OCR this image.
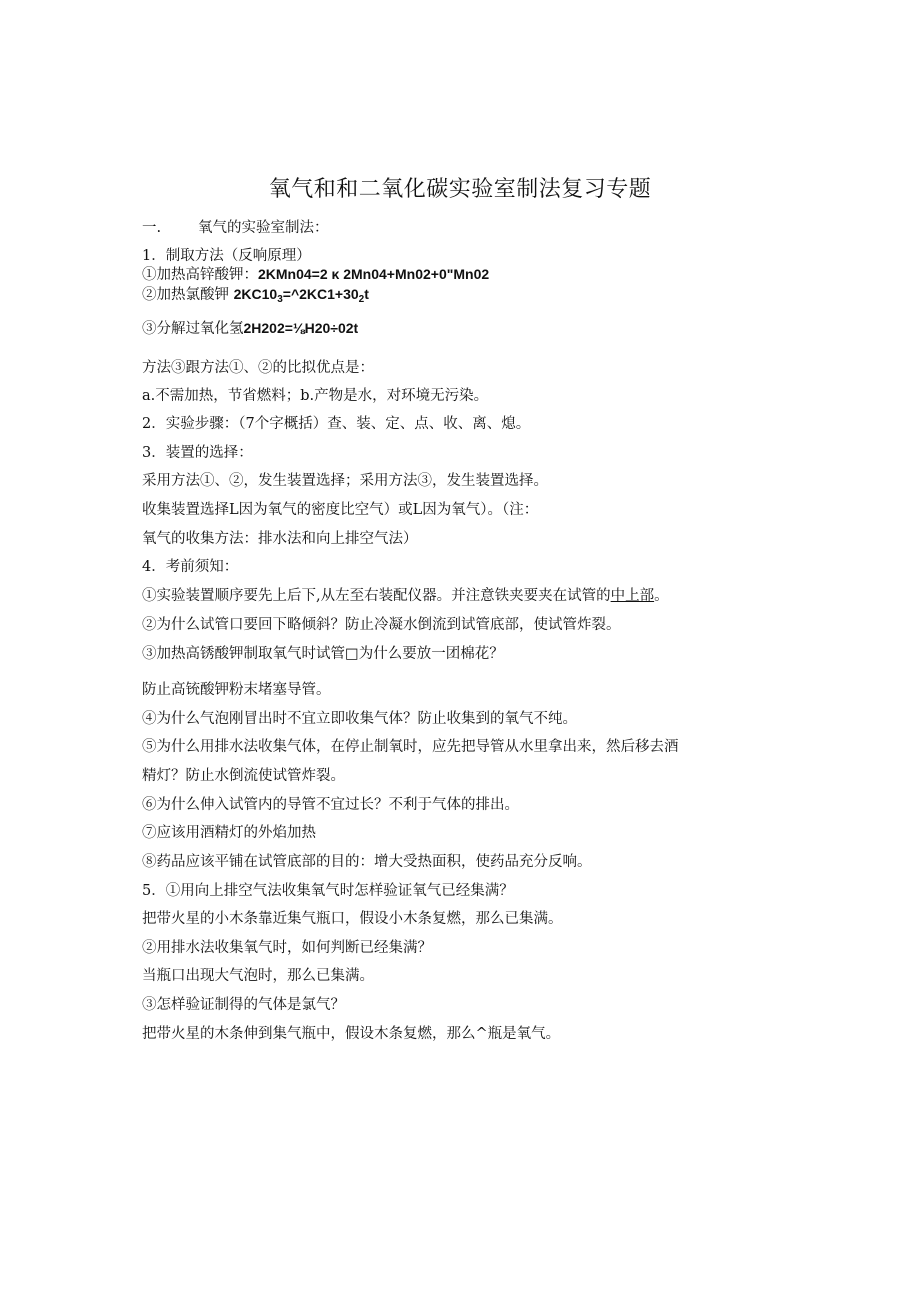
氧气和和二氧化碳实验室制法复习专题
一.	氧气的实验室制法：
1．制取方法（反响原理）
①加热高锌酸钾：2KMn04=2 κ 2Mn04+Mn02+0"Mn02
②加热氯酸钾 $2KC10_3=\^{}2KC1+30_2t$
③分解过氧化氢2H202=⅛H20÷02t
方法③跟方法①、②的比拟优点是：
a.不需加热，节省燃料；b.产物是水，对环境无污染。
2．实验步骤：（7个字概括）查、装、定、点、收、离、熄。
3．装置的选择：
采用方法①、②，发生装置选择；采用方法③，发生装置选择。
收集装置选择L因为氧气的密度比空气）或L因为氧气）。（注：
氧气的收集方法：排水法和向上排空气法）
4．考前须知：
①实验装置顺序要先上后下,从左至右装配仪器。并注意铁夹要夹在试管的中上部。
②为什么试管口要回下略倾斜？防止冷凝水倒流到试管底部，使试管炸裂。
③加热高锈酸钾制取氧气时试管□为什么要放一团棉花？
防止高铳酸钾粉末堵塞导管。
④为什么气泡刚冒出时不宜立即收集气体？防止收集到的氧气不纯。
⑤为什么用排水法收集气体，在停止制氧时，应先把导管从水里拿出来，然后移去酒
精灯？防止水倒流使试管炸裂。
⑥为什么伸入试管内的导管不宜过长？不利于气体的排出。
⑦应该用酒精灯的外焰加热
⑧药品应该平铺在试管底部的目的：增大受热面积，使药品充分反响。
5．①用向上排空气法收集氧气时怎样验证氧气已经集满？
把带火星的小木条靠近集气瓶口，假设小木条复燃，那么已集满。
②用排水法收集氧气时，如何判断已经集满？
当瓶口出现大气泡时，那么已集满。
③怎样验证制得的气体是氯气？
把带火星的木条伸到集气瓶中，假设木条复燃，那么^瓶是氧气。
